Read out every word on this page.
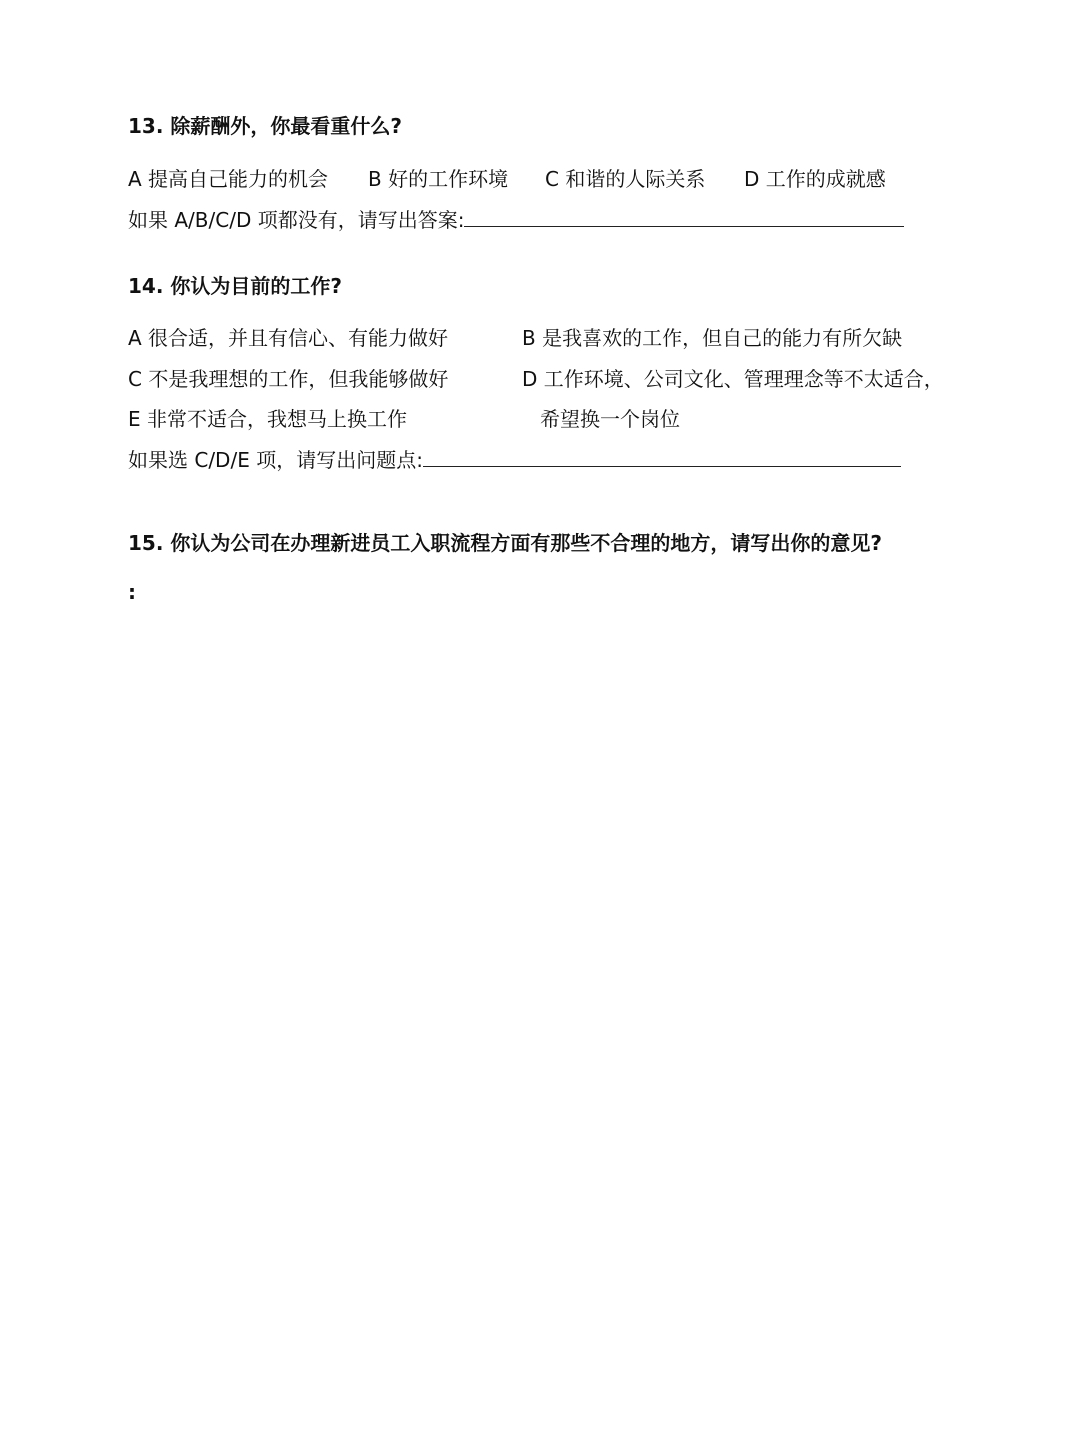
13. 除薪酬外，你最看重什么?
A 提高自己能力的机会 B 好的工作环境 C 和谐的人际关系 D 工作的成就感
如果 A/B/C/D 项都没有，请写出答案:
14. 你认为目前的工作?
A 很合适，并且有信心、有能力做好	B 是我喜欢的工作，但自己的能力有所欠缺
C 不是我理想的工作，但我能够做好	D 工作环境、公司文化、管理理念等不太适合，
E 非常不适合，我想马上换工作	希望换一个岗位
如果选 C/D/E 项，请写出问题点:
15. 你认为公司在办理新进员工入职流程方面有那些不合理的地方，请写出你的意见?
:
